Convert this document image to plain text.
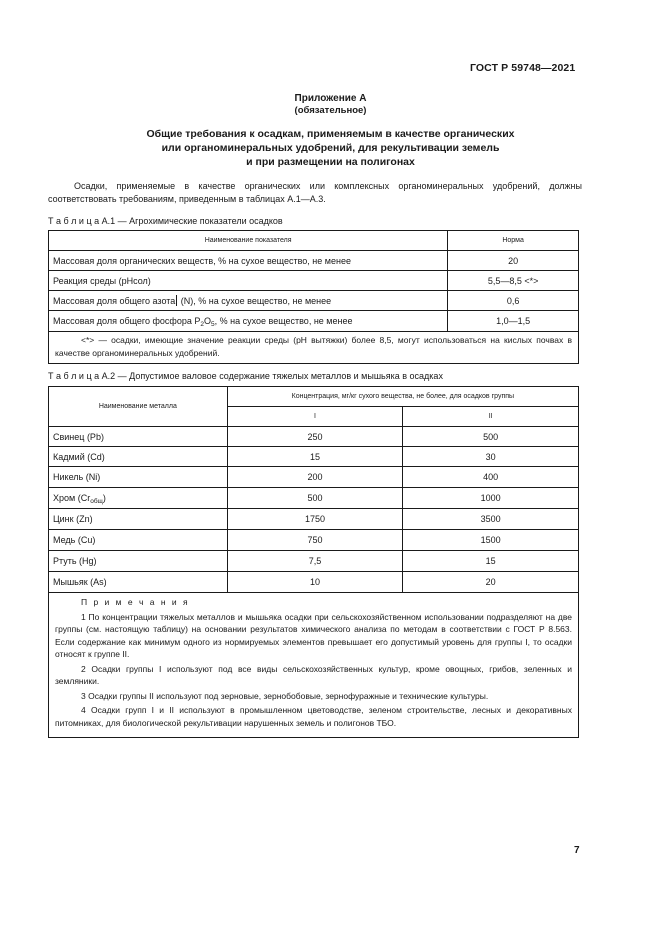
ГОСТ Р 59748—2021
Приложение А
(обязательное)
Общие требования к осадкам, применяемым в качестве органических
или органоминеральных удобрений, для рекультивации земель
и при размещении на полигонах
Осадки, применяемые в качестве органических или комплексных органоминеральных удобрений, должны соответствовать требованиям, приведенным в таблицах А.1—А.3.
Т а б л и ц а А.1 — Агрохимические показатели осадков
Наименование показателя	Норма
Массовая доля органических веществ, % на сухое вещество, не менее	20
Реакция среды (рНсол)	5,5—8,5 <*>
Массовая доля общего азота (N), % на сухое вещество, не менее	0,6
Массовая доля общего фосфора $P_2O_5$, % на сухое вещество, не менее	1,0—1,5

<*> — осадки, имеющие значение реакции среды (рН вытяжки) более 8,5, могут использоваться на кислых почвах в качестве органоминеральных удобрений.	

Т а б л и ц а А.2 — Допустимое валовое содержание тяжелых металлов и мышьяка в осадках
Наименование металла	Концентрация, мг/кг сухого вещества, не более, для осадков группы	
	I	II
Свинец (Pb)	250	500
Кадмий (Cd)	15	30
Никель (Ni)	200	400
Хром $(Cr_{общ})$	500	1000
Цинк (Zn)	1750	3500
Медь (Cu)	750	1500
Ртуть (Hg)	7,5	15
Мышьяк (As)	10	20

П р и м е ч а н и я

1 По концентрации тяжелых металлов и мышьяка осадки при сельскохозяйственном использовании подразделяют на две группы (см. настоящую таблицу) на основании результатов химического анализа по методам в соответствии с ГОСТ Р 8.563. Если содержание как минимум одного из нормируемых элементов превышает его допустимый уровень для группы I, то осадки относят к группе II.

2 Осадки группы I используют под все виды сельскохозяйственных культур, кроме овощных, грибов, зеленных и земляники.

3 Осадки группы II используют под зерновые, зернобобовые, зернофуражные и технические культуры.

4 Осадки групп I и II используют в промышленном цветоводстве, зеленом строительстве, лесных и декоративных питомниках, для биологической рекультивации нарушенных земель и полигонов ТБО.		

7
